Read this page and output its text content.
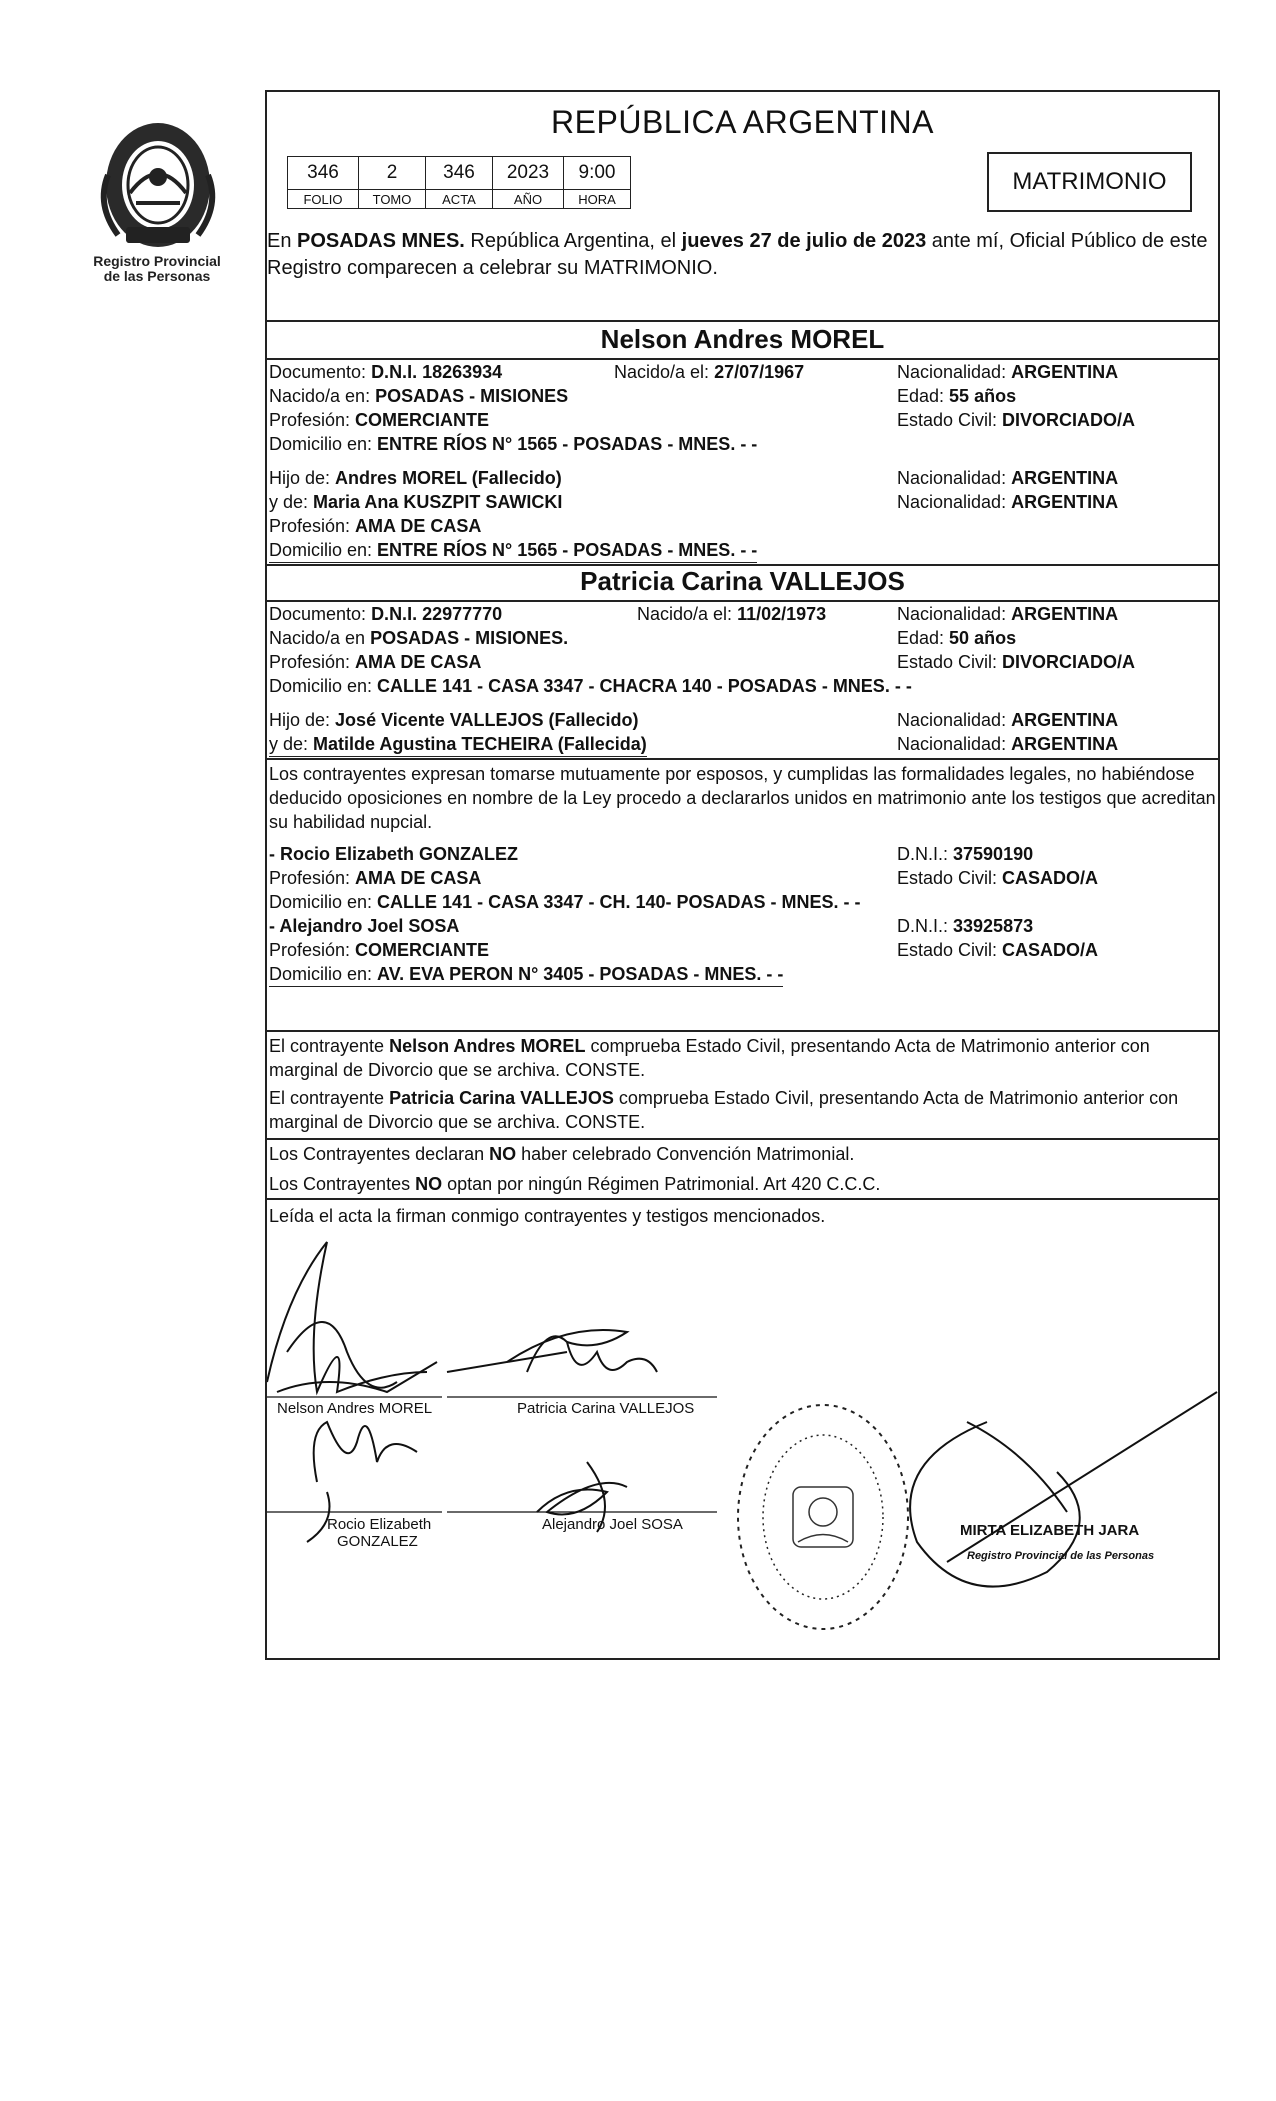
Registro Provincial
de las Personas
REPÚBLICA ARGENTINA
346	2	346	2023	9:00
FOLIO	TOMO	ACTA	AÑO	HORA
MATRIMONIO
En POSADAS MNES. República Argentina, el jueves 27 de julio de 2023 ante mí, Oficial Público de este Registro comparecen a celebrar su MATRIMONIO.
Nelson Andres MOREL
Documento: D.N.I. 18263934	Nacido/a el: 27/07/1967	Nacionalidad: ARGENTINA
Nacido/a en: POSADAS - MISIONES	Edad: 55 años
Profesión: COMERCIANTE	Estado Civil: DIVORCIADO/A
Domicilio en: ENTRE RÍOS N° 1565 - POSADAS - MNES. - -
Hijo de: Andres MOREL (Fallecido)	Nacionalidad: ARGENTINA
y de: Maria Ana KUSZPIT SAWICKI	Nacionalidad: ARGENTINA
Profesión: AMA DE CASA
Domicilio en: ENTRE RÍOS N° 1565 - POSADAS - MNES. - -
Patricia Carina VALLEJOS
Documento: D.N.I. 22977770	Nacido/a el: 11/02/1973	Nacionalidad: ARGENTINA
Nacido/a en POSADAS - MISIONES.	Edad: 50 años
Profesión: AMA DE CASA	Estado Civil: DIVORCIADO/A
Domicilio en: CALLE 141 - CASA 3347 - CHACRA 140 - POSADAS - MNES. - -
Hijo de: José Vicente VALLEJOS (Fallecido)	Nacionalidad: ARGENTINA
y de: Matilde Agustina TECHEIRA (Fallecida)	Nacionalidad: ARGENTINA
Los contrayentes expresan tomarse mutuamente por esposos, y cumplidas las formalidades legales, no habiéndose deducido oposiciones en nombre de la Ley procedo a declararlos unidos en matrimonio ante los testigos que acreditan su habilidad nupcial.
- Rocio Elizabeth GONZALEZ	D.N.I.: 37590190
Profesión: AMA DE CASA	Estado Civil: CASADO/A
Domicilio en: CALLE 141 - CASA 3347 - CH. 140- POSADAS - MNES. - -
- Alejandro Joel SOSA	D.N.I.: 33925873
Profesión: COMERCIANTE	Estado Civil: CASADO/A
Domicilio en: AV. EVA PERON N° 3405 - POSADAS - MNES. - -
El contrayente Nelson Andres MOREL comprueba Estado Civil, presentando Acta de Matrimonio anterior con marginal de Divorcio que se archiva. CONSTE.
El contrayente Patricia Carina VALLEJOS comprueba Estado Civil, presentando Acta de Matrimonio anterior con marginal de Divorcio que se archiva. CONSTE.
Los Contrayentes declaran NO haber celebrado Convención Matrimonial.
Los Contrayentes NO optan por ningún Régimen Patrimonial. Art 420 C.C.C.
Leída el acta la firman conmigo contrayentes y testigos mencionados.
Nelson Andres MOREL	Patricia Carina VALLEJOS
Rocio Elizabeth
GONZALEZ
Alejandro Joel SOSA	MIRTA ELIZABETH JARA
Registro Provincial de las Personas
